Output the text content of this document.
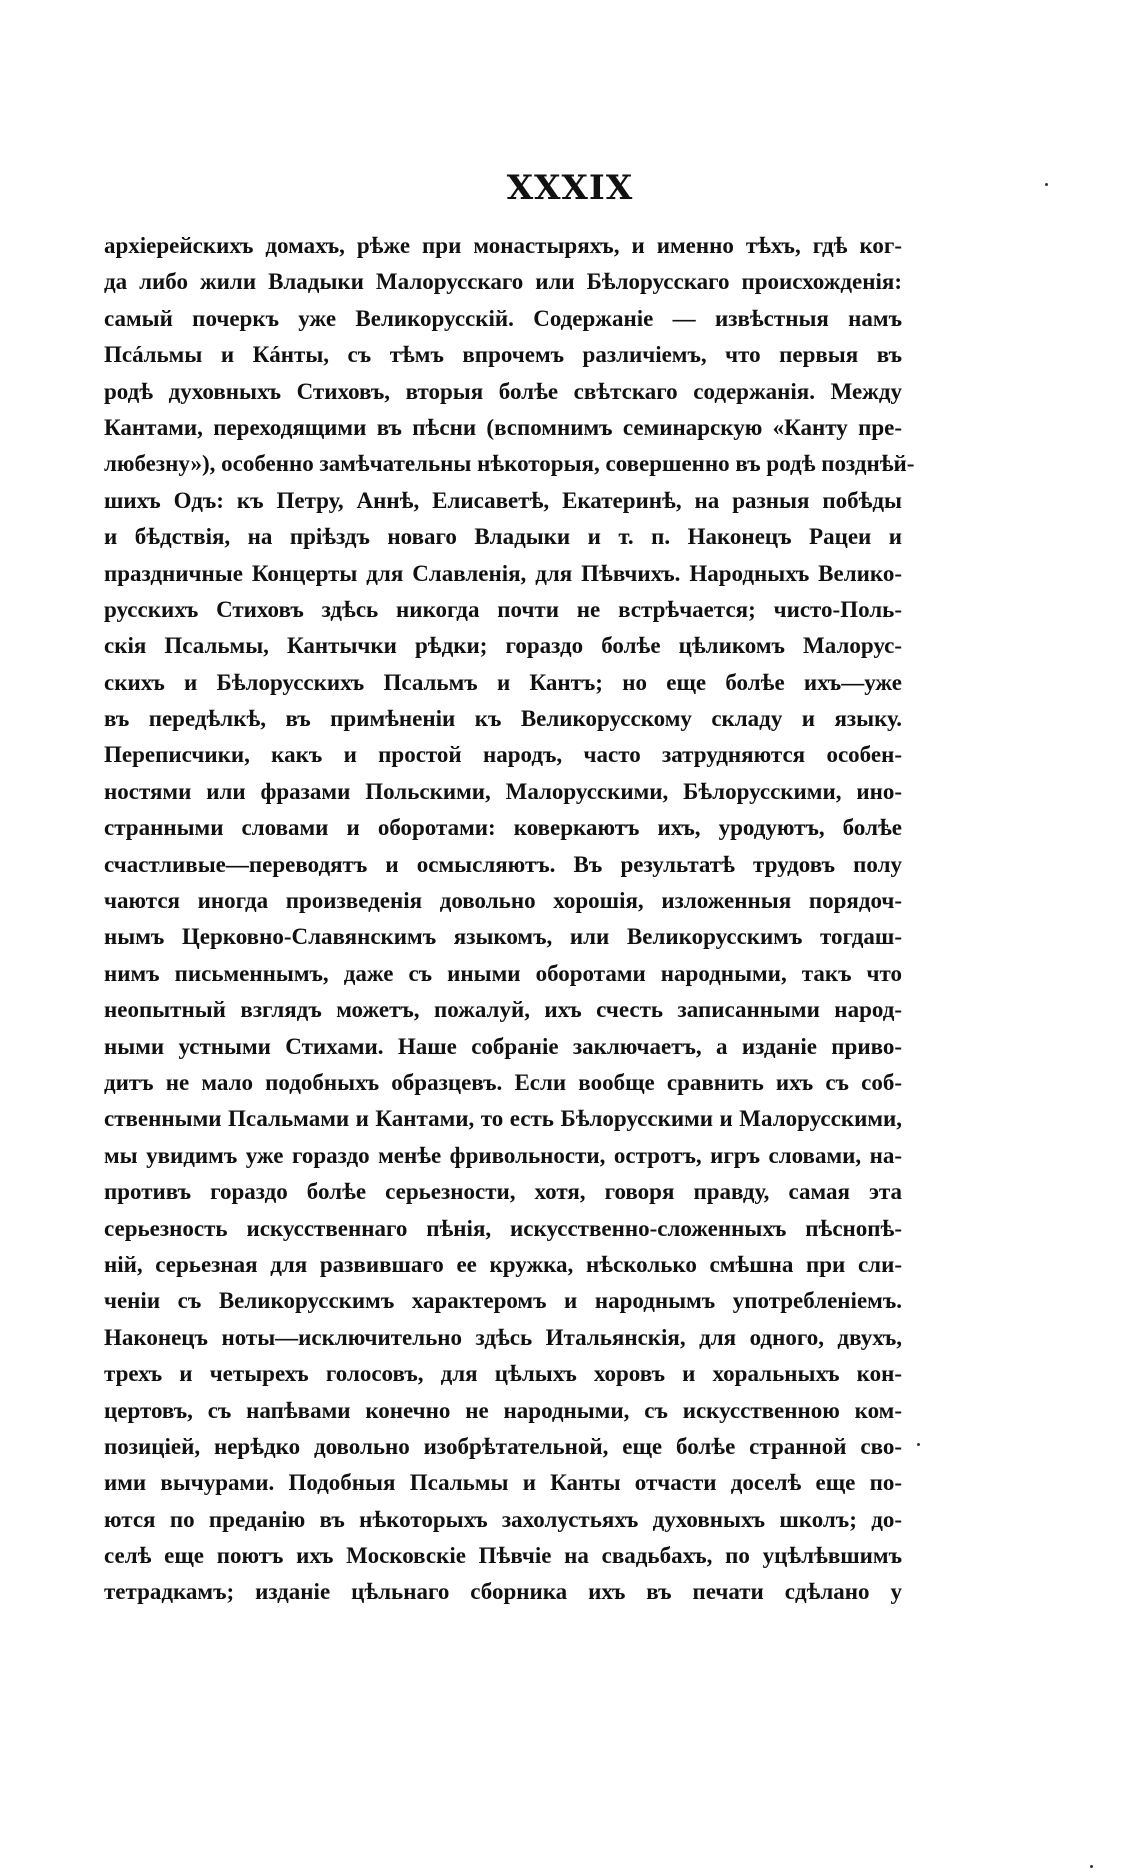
XXXIX
архіерейскихъ домахъ, рѣже при монастыряхъ, и именно тѣхъ, гдѣ ког-
да либо жили Владыки Малорусскаго или Бѣлорусскаго происхожденія:
самый почеркъ уже Великорусскій. Содержаніе — извѣстныя намъ
Псáльмы и Кáнты, съ тѣмъ впрочемъ различіемъ, что первыя въ
родѣ духовныхъ Стиховъ, вторыя болѣе свѣтскаго содержанія. Между
Кантами, переходящими въ пѣсни (вспомнимъ семинарскую «Канту пре-
любезну»), особенно замѣчательны нѣкоторыя, совершенно въ родѣ позднѣй-
шихъ Одъ: къ Петру, Аннѣ, Елисаветѣ, Екатеринѣ, на разныя побѣды
и бѣдствія, на пріѣздъ новаго Владыки и т. п. Наконецъ Рацеи и
праздничные Концерты для Славленія, для Пѣвчихъ. Народныхъ Велико-
русскихъ Стиховъ здѣсь никогда почти не встрѣчается; чисто-Поль-
скія Псальмы, Кантычки рѣдки; гораздо болѣе цѣликомъ Малорус-
скихъ и Бѣлорусскихъ Псальмъ и Кантъ; но еще болѣе ихъ—уже
въ передѣлкѣ, въ примѣненіи къ Великорусскому складу и языку.
Переписчики, какъ и простой народъ, часто затрудняются особен-
ностями или фразами Польскими, Малорусскими, Бѣлорусскими, ино-
странными словами и оборотами: коверкаютъ ихъ, уродуютъ, болѣе
счастливые—переводятъ и осмысляютъ. Въ результатѣ трудовъ полу
чаются иногда произведенія довольно хорошія, изложенныя порядоч-
нымъ Церковно-Славянскимъ языкомъ, или Великорусскимъ тогдаш-
нимъ письменнымъ, даже съ иными оборотами народными, такъ что
неопытный взглядъ можетъ, пожалуй, ихъ счесть записанными народ-
ными устными Стихами. Наше собраніе заключаетъ, а изданіе приво-
дитъ не мало подобныхъ образцевъ. Если вообще сравнить ихъ съ соб-
ственными Псальмами и Кантами, то есть Бѣлорусскими и Малорусскими,
мы увидимъ уже гораздо менѣе фривольности, остротъ, игръ словами, на-
противъ гораздо болѣе серьезности, хотя, говоря правду, самая эта
серьезность искусственнаго пѣнія, искусственно-сложенныхъ пѣснопѣ-
ній, серьезная для развившаго ее кружка, нѣсколько смѣшна при сли-
чeніи съ Великорусскимъ характеромъ и народнымъ употребленіемъ.
Наконецъ ноты—исключительно здѣсь Итальянскія, для одного, двухъ,
трехъ и четырехъ голосовъ, для цѣлыхъ хоровъ и хоральныхъ кон-
цертовъ, съ напѣвами конечно не народными, съ искусственною ком-
позиціей, нерѣдко довольно изобрѣтательной, еще болѣе странной сво-
ими вычурами. Подобныя Псальмы и Канты отчасти доселѣ еще по-
ются по преданію въ нѣкоторыхъ захолустьяхъ духовныхъ школъ; до-
селѣ еще поютъ ихъ Московскіе Пѣвчіе на свадьбахъ, по уцѣлѣвшимъ
тетрадкамъ; изданіе цѣльнаго сборника ихъ въ печати сдѣлано у
